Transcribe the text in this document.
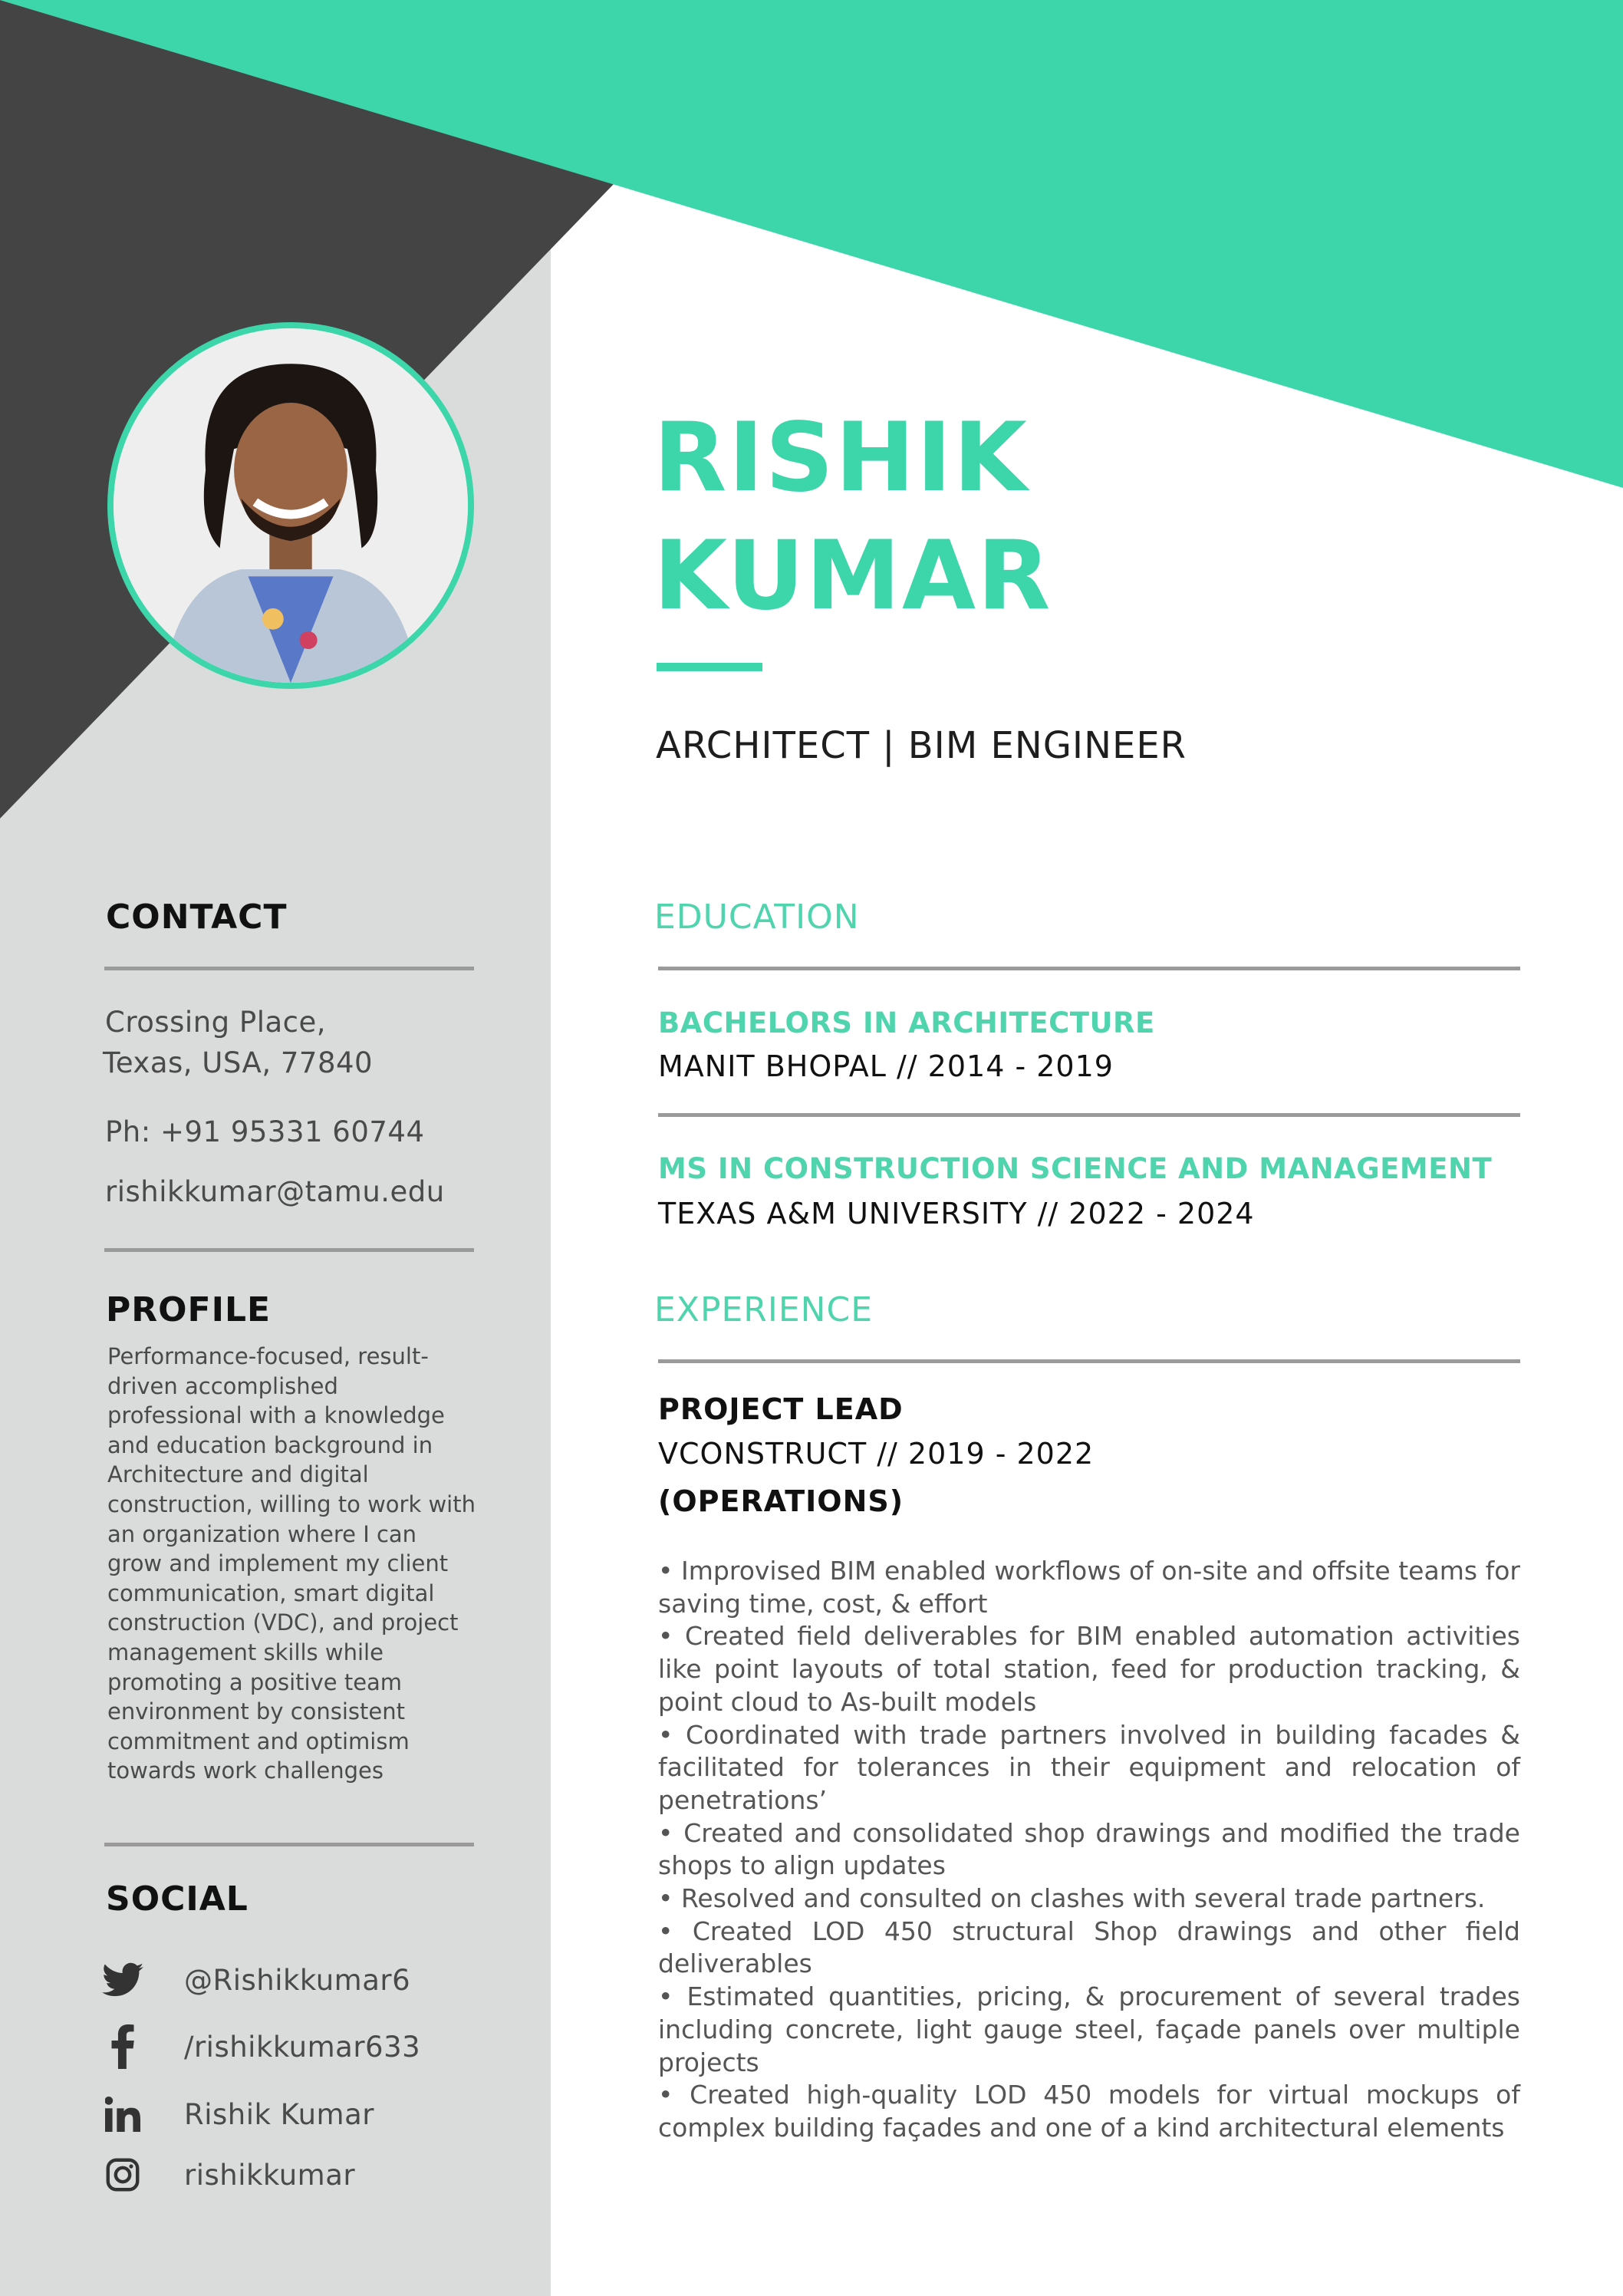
RISHIK
KUMAR
ARCHITECT | BIM ENGINEER
CONTACT
Crossing Place,
Texas, USA, 77840
Ph: +91 95331 60744
rishikkumar@tamu.edu
PROFILE
Performance-focused, result-driven accomplished professional with a knowledge and education background in Architecture and digital construction, willing to work with an organization where I can grow and implement my client communication, smart digital construction (VDC), and project management skills while promoting a positive team environment by consistent commitment and optimism towards work challenges
SOCIAL
@Rishikkumar6
/rishikkumar633
Rishik Kumar
rishikkumar
EDUCATION
BACHELORS IN ARCHITECTURE
MANIT BHOPAL // 2014 - 2019
MS IN CONSTRUCTION SCIENCE AND MANAGEMENT
TEXAS A&M UNIVERSITY // 2022 - 2024
EXPERIENCE
PROJECT LEAD
VCONSTRUCT // 2019 - 2022
(OPERATIONS)
• Improvised BIM enabled workflows of on-site and offsite teams for saving time, cost, & effort
• Created field deliverables for BIM enabled automation activities like point layouts of total station, feed for production tracking, & point cloud to As-built models
• Coordinated with trade partners involved in building facades & facilitated for tolerances in their equipment and relocation of penetrations’
• Created and consolidated shop drawings and modified the trade shops to align updates
• Resolved and consulted on clashes with several trade partners.
• Created LOD 450 structural Shop drawings and other field deliverables
• Estimated quantities, pricing, & procurement of several trades including concrete, light gauge steel, façade panels over multiple projects
• Created high-quality LOD 450 models for virtual mockups of complex building façades and one of a kind architectural elements
